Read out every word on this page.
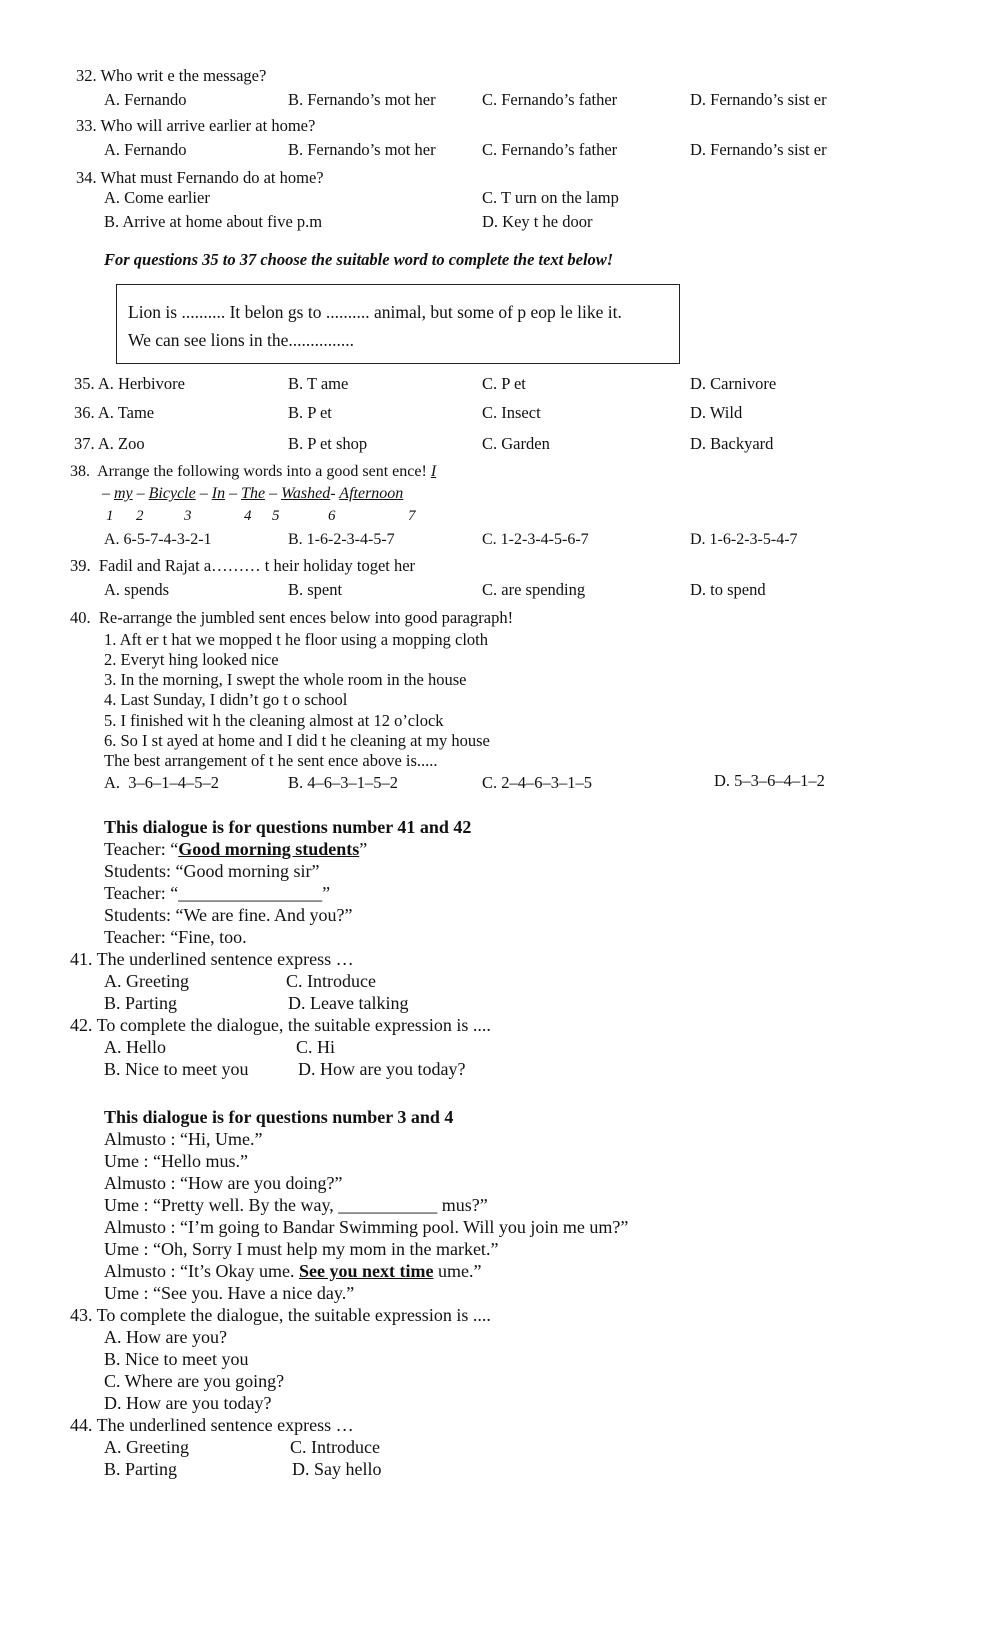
32. Who writ e the message?
A. Fernando	B. Fernando’s mot her	C. Fernando’s father	D. Fernando’s sist er
33. Who will arrive earlier at home?
A. Fernando	B. Fernando’s mot her	C. Fernando’s father	D. Fernando’s sist er
34. What must Fernando do at home?
A. Come earlier	C. T urn on the lamp
B. Arrive at home about five p.m	D. Key t he door
For questions 35 to 37 choose the suitable word to complete the text below!
Lion is .......... It belon gs to .......... animal, but some of p eop le like it.
We can see lions in the...............
35. A. Herbivore	B. T ame	C. P et	D. Carnivore
36. A. Tame	B. P et	C. Insect	D. Wild
37. A. Zoo	B. P et shop	C. Garden	D. Backyard
38.  Arrange the following words into a good sent ence! I
– my – Bicycle – In – The – Washed- Afternoon
1 2	3	4 5	6	7
A. 6-5-7-4-3-2-1	B. 1-6-2-3-4-5-7	C. 1-2-3-4-5-6-7	D. 1-6-2-3-5-4-7
39.  Fadil and Rajat a……… t heir holiday toget her
A. spends	B. spent	C. are spending	D. to spend
40.  Re-arrange the jumbled sent ences below into good paragraph!
1. Aft er t hat we mopped t he floor using a mopping cloth
2. Everyt hing looked nice
3. In the morning, I swept the whole room in the house
4. Last Sunday, I didn’t go t o school
5. I finished wit h the cleaning almost at 12 o’clock
6. So I st ayed at home and I did t he cleaning at my house
The best arrangement of t he sent ence above is.....
A.  3–6–1–4–5–2	B. 4–6–3–1–5–2	C. 2–4–6–3–1–5	D. 5–3–6–4–1–2
This dialogue is for questions number 41 and 42
Teacher: “Good morning students”
Students: “Good morning sir”
Teacher: “________________”
Students: “We are fine. And you?”
Teacher: “Fine, too.
41. The underlined sentence express …
A. Greeting	C. Introduce
B. Parting	D. Leave talking
42. To complete the dialogue, the suitable expression is ....
A. Hello	C. Hi
B. Nice to meet you	D. How are you today?
This dialogue is for questions number 3 and 4
Almusto : “Hi, Ume.”
Ume : “Hello mus.”
Almusto : “How are you doing?”
Ume : “Pretty well. By the way, ___________ mus?”
Almusto : “I’m going to Bandar Swimming pool. Will you join me um?”
Ume : “Oh, Sorry I must help my mom in the market.”
Almusto : “It’s Okay ume. See you next time ume.”
Ume : “See you. Have a nice day.”
43. To complete the dialogue, the suitable expression is ....
A. How are you?
B. Nice to meet you
C. Where are you going?
D. How are you today?
44. The underlined sentence express …
A. Greeting	C. Introduce
B. Parting	D. Say hello
